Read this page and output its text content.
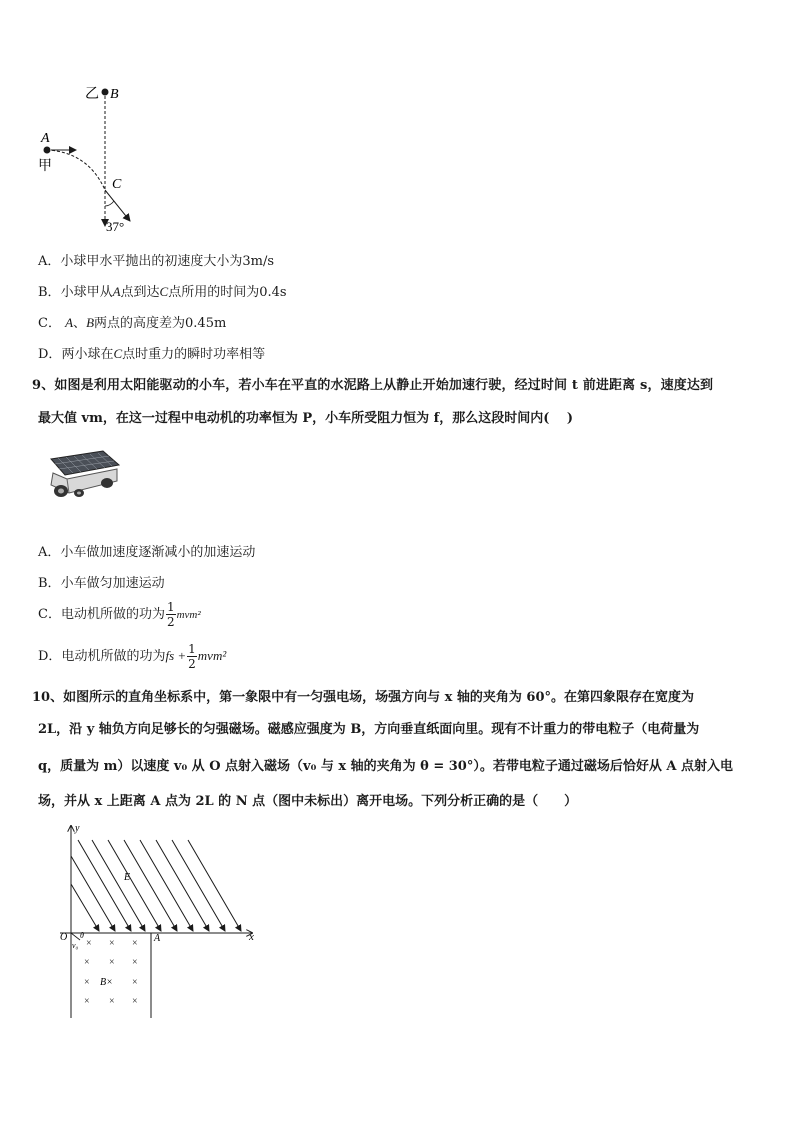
乙 B
A
甲
C
37°
A．小球甲水平抛出的初速度大小为3m/s
B．小球甲从A点到达C点所用的时间为0.4s
C． A、B两点的高度差为0.45m
D．两小球在C点时重力的瞬时功率相等
9、如图是利用太阳能驱动的小车，若小车在平直的水泥路上从静止开始加速行驶，经过时间 t 前进距离 s，速度达到
最大值 vm，在这一过程中电动机的功率恒为 P，小车所受阻力恒为 f，那么这段时间内(　 )
A．小车做加速度逐渐减小的加速运动
B．小车做匀加速运动
C．电动机所做的功为 $\frac{1}{2} mvm^2$
D．电动机所做的功为fs + $\frac{1}{2} mvm^2$
10、如图所示的直角坐标系中，第一象限中有一匀强电场，场强方向与 x 轴的夹角为 60°。在第四象限存在宽度为
2L，沿 y 轴负方向足够长的匀强磁场。磁感应强度为 B，方向垂直纸面向里。现有不计重力的带电粒子（电荷量为
q，质量为 m）以速度 v₀ 从 O 点射入磁场（v₀ 与 x 轴的夹角为 θ = 30°）。若带电粒子通过磁场后恰好从 A 点射入电
场，并从 x 上距离 A 点为 2L 的 N 点（图中未标出）离开电场。下列分析正确的是（　　）
y
x
O	A
E
θ
v₀ × × ×
× × ×
×	×
× × ×
B×
